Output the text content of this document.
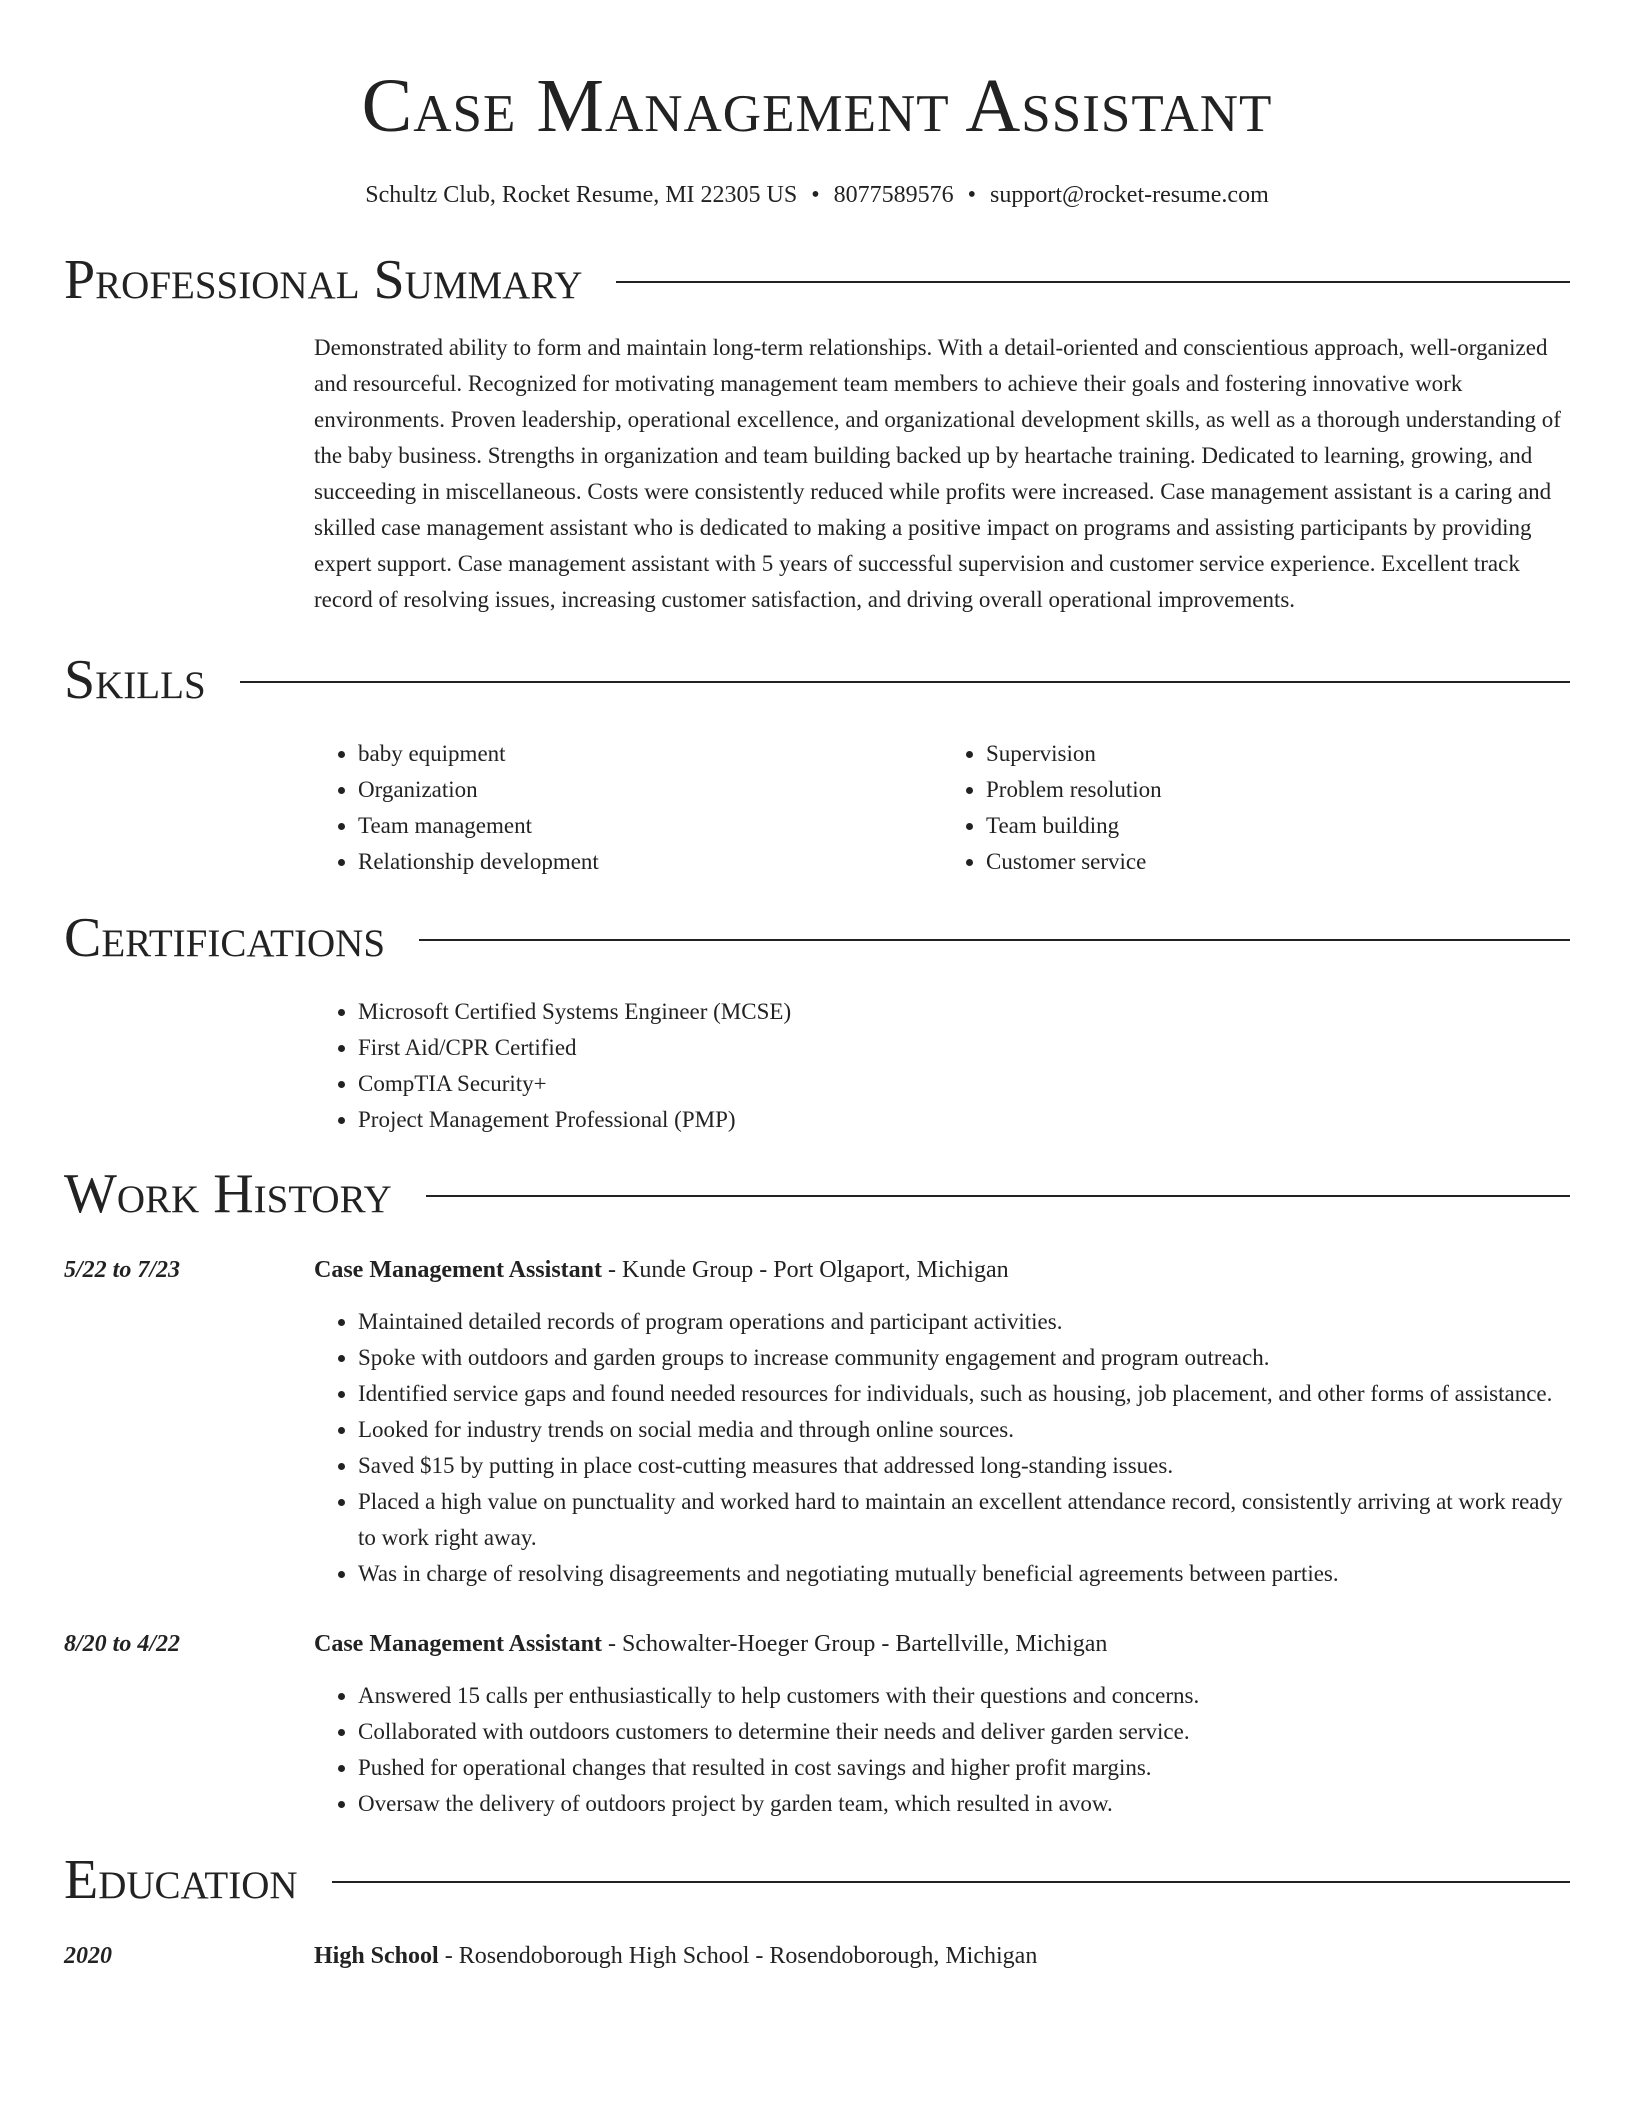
Case Management Assistant
Schultz Club, Rocket Resume, MI 22305 US • 8077589576 • support@rocket-resume.com
Professional Summary
Demonstrated ability to form and maintain long-term relationships. With a detail-oriented and conscientious approach, well-organized and resourceful. Recognized for motivating management team members to achieve their goals and fostering innovative work environments. Proven leadership, operational excellence, and organizational development skills, as well as a thorough understanding of the baby business. Strengths in organization and team building backed up by heartache training. Dedicated to learning, growing, and succeeding in miscellaneous. Costs were consistently reduced while profits were increased. Case management assistant is a caring and skilled case management assistant who is dedicated to making a positive impact on programs and assisting participants by providing expert support. Case management assistant with 5 years of successful supervision and customer service experience. Excellent track record of resolving issues, increasing customer satisfaction, and driving overall operational improvements.
Skills
• baby equipment
• Organization
• Team management
• Relationship development
• Supervision
• Problem resolution
• Team building
• Customer service
Certifications
• Microsoft Certified Systems Engineer (MCSE)
• First Aid/CPR Certified
• CompTIA Security+
• Project Management Professional (PMP)
Work History
5/22 to 7/23	Case Management Assistant - Kunde Group - Port Olgaport, Michigan
• Maintained detailed records of program operations and participant activities.
• Spoke with outdoors and garden groups to increase community engagement and program outreach.
• Identified service gaps and found needed resources for individuals, such as housing, job placement, and other forms of assistance.
• Looked for industry trends on social media and through online sources.
• Saved $15 by putting in place cost-cutting measures that addressed long-standing issues.
• Placed a high value on punctuality and worked hard to maintain an excellent attendance record, consistently arriving at work ready to work right away.
• Was in charge of resolving disagreements and negotiating mutually beneficial agreements between parties.
8/20 to 4/22	Case Management Assistant - Schowalter-Hoeger Group - Bartellville, Michigan
• Answered 15 calls per enthusiastically to help customers with their questions and concerns.
• Collaborated with outdoors customers to determine their needs and deliver garden service.
• Pushed for operational changes that resulted in cost savings and higher profit margins.
• Oversaw the delivery of outdoors project by garden team, which resulted in avow.
Education
2020	High School - Rosendoborough High School - Rosendoborough, Michigan
